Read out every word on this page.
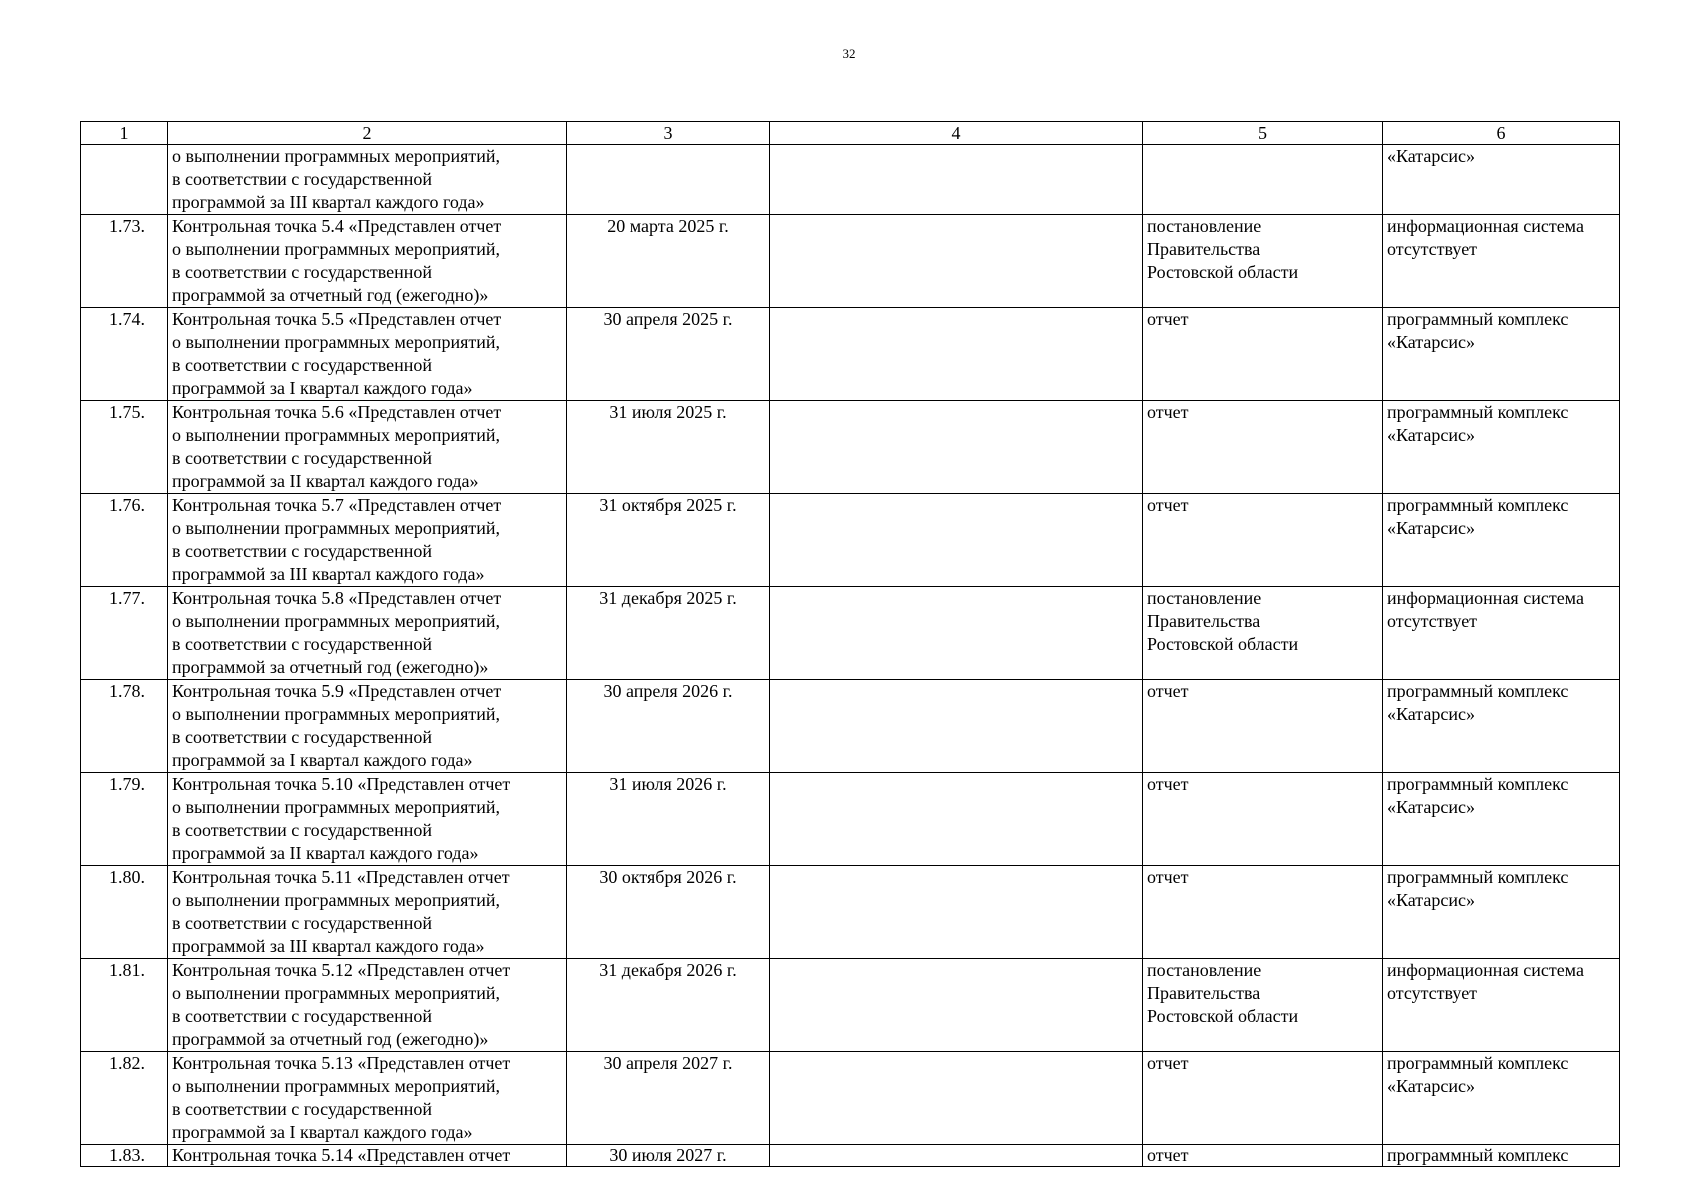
32
1	2	3	4	5	6

	о выполнении программных мероприятий,
в соответствии с государственной
программой за III квартал каждого года»				«Катарсис»

1.73.	Контрольная точка 5.4 «Представлен отчет
о выполнении программных мероприятий,
в соответствии с государственной
программой за отчетный год (ежегодно)»	20 марта 2025 г.		постановление
Правительства
Ростовской области	информационная система
отсутствует

1.74.	Контрольная точка 5.5 «Представлен отчет
о выполнении программных мероприятий,
в соответствии с государственной
программой за I квартал каждого года»	30 апреля 2025 г.		отчет	программный комплекс
«Катарсис»

1.75.	Контрольная точка 5.6 «Представлен отчет
о выполнении программных мероприятий,
в соответствии с государственной
программой за II квартал каждого года»	31 июля 2025 г.		отчет	программный комплекс
«Катарсис»

1.76.	Контрольная точка 5.7 «Представлен отчет
о выполнении программных мероприятий,
в соответствии с государственной
программой за III квартал каждого года»	31 октября 2025 г.		отчет	программный комплекс
«Катарсис»

1.77.	Контрольная точка 5.8 «Представлен отчет
о выполнении программных мероприятий,
в соответствии с государственной
программой за отчетный год (ежегодно)»	31 декабря 2025 г.		постановление
Правительства
Ростовской области	информационная система
отсутствует

1.78.	Контрольная точка 5.9 «Представлен отчет
о выполнении программных мероприятий,
в соответствии с государственной
программой за I квартал каждого года»	30 апреля 2026 г.		отчет	программный комплекс
«Катарсис»

1.79.	Контрольная точка 5.10 «Представлен отчет
о выполнении программных мероприятий,
в соответствии с государственной
программой за II квартал каждого года»	31 июля 2026 г.		отчет	программный комплекс
«Катарсис»

1.80.	Контрольная точка 5.11 «Представлен отчет
о выполнении программных мероприятий,
в соответствии с государственной
программой за III квартал каждого года»	30 октября 2026 г.		отчет	программный комплекс
«Катарсис»

1.81.	Контрольная точка 5.12 «Представлен отчет
о выполнении программных мероприятий,
в соответствии с государственной
программой за отчетный год (ежегодно)»	31 декабря 2026 г.		постановление
Правительства
Ростовской области	информационная система
отсутствует

1.82.	Контрольная точка 5.13 «Представлен отчет
о выполнении программных мероприятий,
в соответствии с государственной
программой за I квартал каждого года»	30 апреля 2027 г.		отчет	программный комплекс
«Катарсис»

1.83.	Контрольная точка 5.14 «Представлен отчет	30 июля 2027 г.		отчет	программный комплекс
